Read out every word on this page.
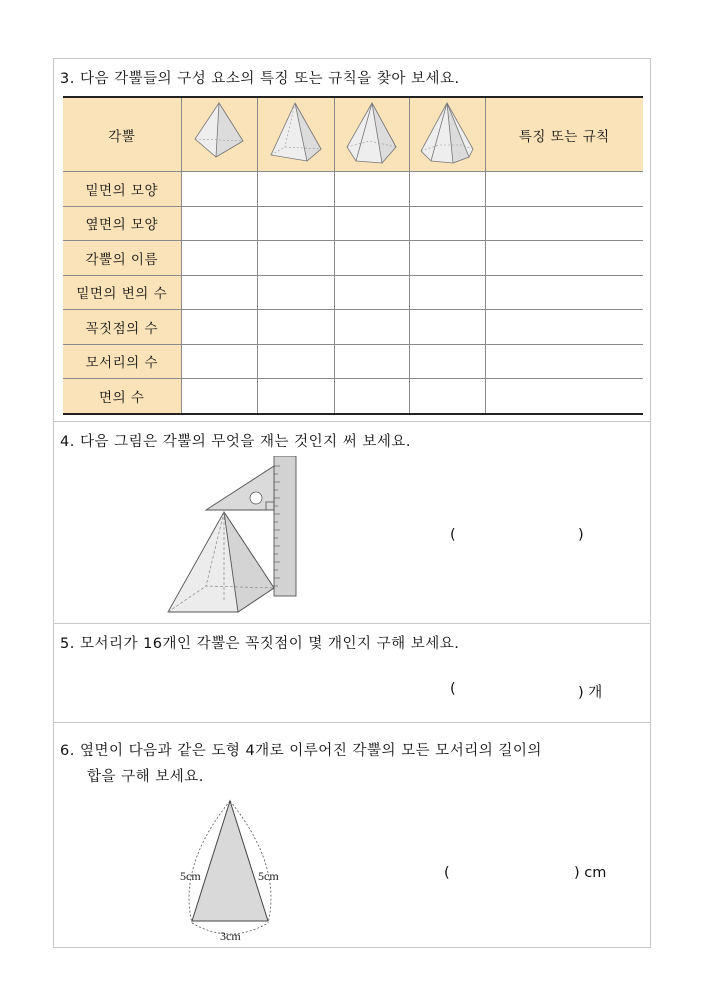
3. 다음 각뿔들의 구성 요소의 특징 또는 규칙을 찾아 보세요.
각뿔					특징 또는 규칙
밑면의 모양					
옆면의 모양					
각뿔의 이름					
밑면의 변의 수					
꼭짓점의 수					
모서리의 수					
면의 수					
4. 다음 그림은 각뿔의 무엇을 재는 것인지 써 보세요.
(	)
5. 모서리가 16개인 각뿔은 꼭짓점이 몇 개인지 구해 보세요.
(	) 개
6. 옆면이 다음과 같은 도형 4개로 이루어진 각뿔의 모든 모서리의 길이의
합을 구해 보세요.
5cm	5cm
3cm
(	) cm
